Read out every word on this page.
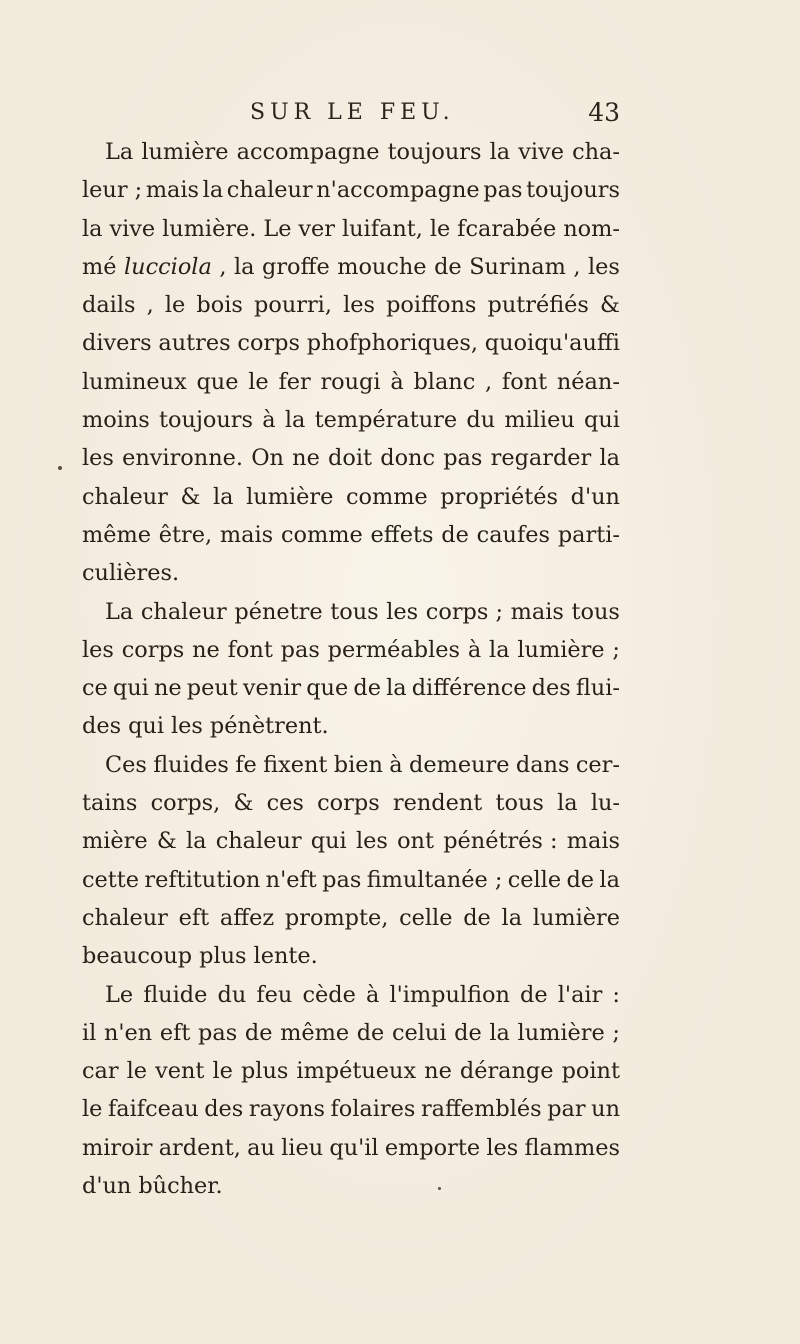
SUR LE FEU.	43
La lumière accompagne toujours la vive cha-
leur ; mais la chaleur n'accompagne pas toujours
la vive lumière. Le ver luifant, le fcarabée nom-
mé lucciola , la groffe mouche de Surinam , les
dails , le bois pourri, les poiffons putréfiés &
divers autres corps phofphoriques, quoiqu'auffi
lumineux que le fer rougi à blanc , font néan-
moins toujours à la température du milieu qui
les environne. On ne doit donc pas regarder la
chaleur & la lumière comme propriétés d'un
même être, mais comme effets de caufes parti-
culières.
La chaleur pénetre tous les corps ; mais tous
les corps ne font pas perméables à la lumière ;
ce qui ne peut venir que de la différence des flui-
des qui les pénètrent.
Ces fluides fe fixent bien à demeure dans cer-
tains corps, & ces corps rendent tous la lu-
mière & la chaleur qui les ont pénétrés : mais
cette reftitution n'eft pas fimultanée ; celle de la
chaleur eft affez prompte, celle de la lumière
beaucoup plus lente.
Le fluide du feu cède à l'impulfion de l'air :
il n'en eft pas de même de celui de la lumière ;
car le vent le plus impétueux ne dérange point
le faifceau des rayons folaires raffemblés par un
miroir ardent, au lieu qu'il emporte les flammes
d'un bûcher.
